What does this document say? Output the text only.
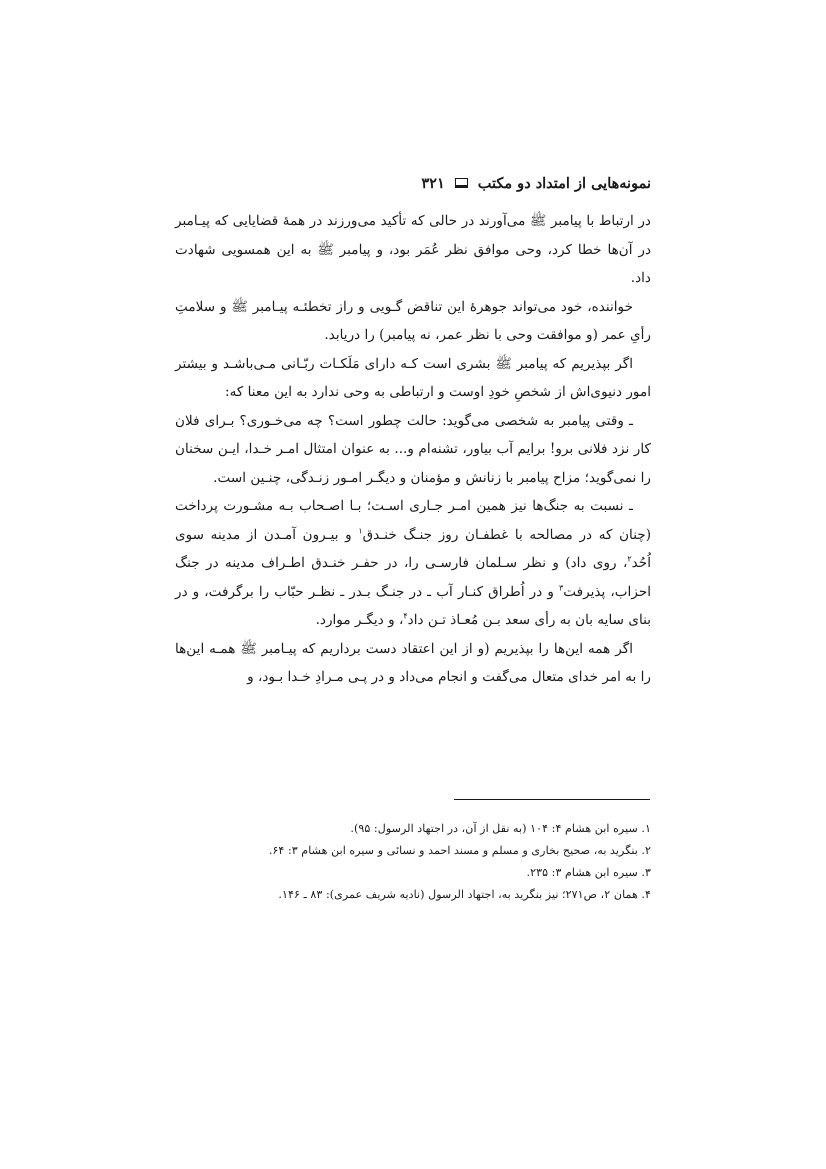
نمونه‌هایی از امتداد دو مکتب
۳۲۱

در ارتباط با پیامبر ﷺ می‌آورند در حالی که تأکید می‌ورزند در همهٔ قضایایی که پیـامبر در آن‌ها خطا کرد، وحی موافق نظر عُمَر بود، و پیامبر ﷺ به این همسویی شهادت داد.

خواننده، خود می‌تواند جوهرهٔ این تناقض گـویی و راز تخطئـه پیـامبر ﷺ و سلامتِ رأیِ عمر (و موافقت وحی با نظر عمر، نه پیامبر) را دریابد.

اگر بپذیریم که پیامبر ﷺ بشری است کـه دارای مَلَکـات ربّـانی مـی‌باشـد و بیشتر امور دنیوی‌اش از شخصِ خودِ اوست و ارتباطی به وحی ندارد به این معنا که:

ـ وقتی پیامبر به شخصی می‌گوید: حالت چطور است؟ چه می‌خـوری؟ بـرای فلان کار نزد فلانی برو! برایم آب بیاور، تشنه‌ام و... به عنوان امتثال امـر خـدا، ایـن سخنان را نمی‌گوید؛ مزاح پیامبر با زنانش و مؤمنان و دیگـر امـور زنـدگی، چنـین است.

ـ نسبت به جنگ‌ها نیز همین امـر جـاری اسـت؛ بـا اصـحاب بـه مشـورت پرداخت (چنان که در مصالحه با غطفـان روز جنـگ خنـدق$^۱$ و بیـرون آمـدن از مدینه سوی اُحُد$^۲$، روی داد) و نظر سـلمان فارسـی را، در حفـر خنـدق اطـراف مدینه در جنگ احزاب، پذیرفت$^۳$ و در اُطراق کنـار آب ـ در جنـگ بـدر ـ نظـر حبّاب را برگرفت، و در بنای سایه بان به رأی سعد بـن مُعـاذ تـن داد$^۴$، و دیگـر موارد.

اگر همه این‌ها را بپذیریم (و از این اعتقاد دست برداریم که پیـامبر ﷺ همـه این‌ها را به امر خدای متعال می‌گفت و انجام می‌داد و در پـی مـرادِ خـدا بـود، و

۱. سیره ابن هشام ۴: ۱۰۴ (به نقل از آن، در اجتهاد الرسول: ۹۵).
۲. بنگرید به، صحیح بخاری و مسلم و مسند احمد و نسائی و سیره ابن هشام ۳: ۶۴.
۳. سیره ابن هشام ۳: ۲۳۵.
۴. همان ۲، ص۲۷۱؛ نیز بنگرید به، اجتهاد الرسول (نادیه شریف عمری): ۸۳ ـ ۱۴۶.
